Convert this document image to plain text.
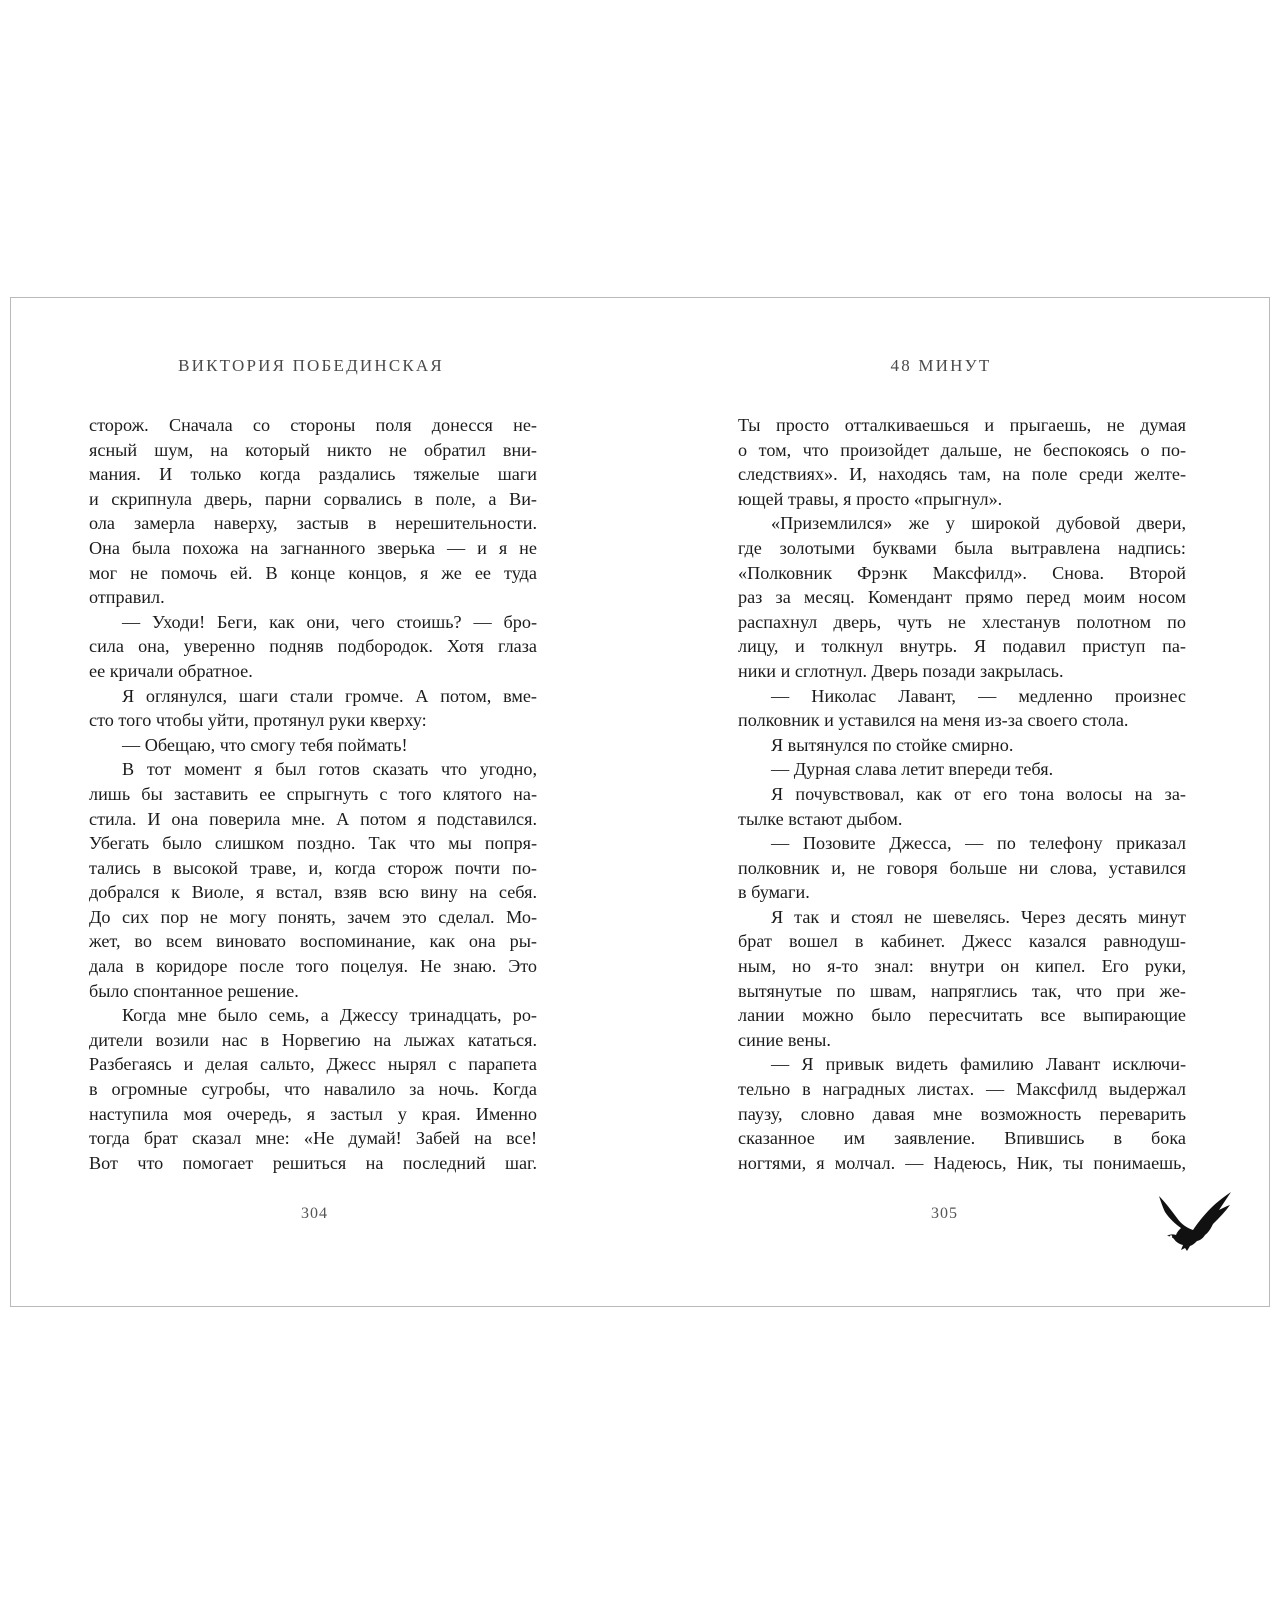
ВИКТОРИЯ ПОБЕДИНСКАЯ
сторож. Сначала со стороны поля донесся не-
ясный шум, на который никто не обратил вни-
мания. И только когда раздались тяжелые шаги
и скрипнула дверь, парни сорвались в поле, а Ви-
ола замерла наверху, застыв в нерешительности.
Она была похожа на загнанного зверька — и я не
мог не помочь ей. В конце концов, я же ее туда
отправил.
— Уходи! Беги, как они, чего стоишь? — бро-
сила она, уверенно подняв подбородок. Хотя глаза
ее кричали обратное.
Я оглянулся, шаги стали громче. А потом, вме-
сто того чтобы уйти, протянул руки кверху:
— Обещаю, что смогу тебя поймать!
В тот момент я был готов сказать что угодно,
лишь бы заставить ее спрыгнуть с того клятого на-
стила. И она поверила мне. А потом я подставился.
Убегать было слишком поздно. Так что мы попря-
тались в высокой траве, и, когда сторож почти по-
добрался к Виоле, я встал, взяв всю вину на себя.
До сих пор не могу понять, зачем это сделал. Мо-
жет, во всем виновато воспоминание, как она ры-
дала в коридоре после того поцелуя. Не знаю. Это
было спонтанное решение.
Когда мне было семь, а Джессу тринадцать, ро-
дители возили нас в Норвегию на лыжах кататься.
Разбегаясь и делая сальто, Джесс нырял с парапета
в огромные сугробы, что навалило за ночь. Когда
наступила моя очередь, я застыл у края. Именно
тогда брат сказал мне: «Не думай! Забей на все!
Вот что помогает решиться на последний шаг.
304
48 МИНУТ
Ты просто отталкиваешься и прыгаешь, не думая
о том, что произойдет дальше, не беспокоясь о по-
следствиях». И, находясь там, на поле среди желте-
ющей травы, я просто «прыгнул».
«Приземлился» же у широкой дубовой двери,
где золотыми буквами была вытравлена надпись:
«Полковник Фрэнк Максфилд». Снова. Второй
раз за месяц. Комендант прямо перед моим носом
распахнул дверь, чуть не хлестанув полотном по
лицу, и толкнул внутрь. Я подавил приступ па-
ники и сглотнул. Дверь позади закрылась.
— Николас Лавант, — медленно произнес
полковник и уставился на меня из-за своего стола.
Я вытянулся по стойке смирно.
— Дурная слава летит впереди тебя.
Я почувствовал, как от его тона волосы на за-
тылке встают дыбом.
— Позовите Джесса, — по телефону приказал
полковник и, не говоря больше ни слова, уставился
в бумаги.
Я так и стоял не шевелясь. Через десять минут
брат вошел в кабинет. Джесс казался равнодуш-
ным, но я-то знал: внутри он кипел. Его руки,
вытянутые по швам, напряглись так, что при же-
лании можно было пересчитать все выпирающие
синие вены.
— Я привык видеть фамилию Лавант исключи-
тельно в наградных листах. — Максфилд выдержал
паузу, словно давая мне возможность переварить
сказанное им заявление. Впившись в бока
ногтями, я молчал. — Надеюсь, Ник, ты понимаешь,
305
